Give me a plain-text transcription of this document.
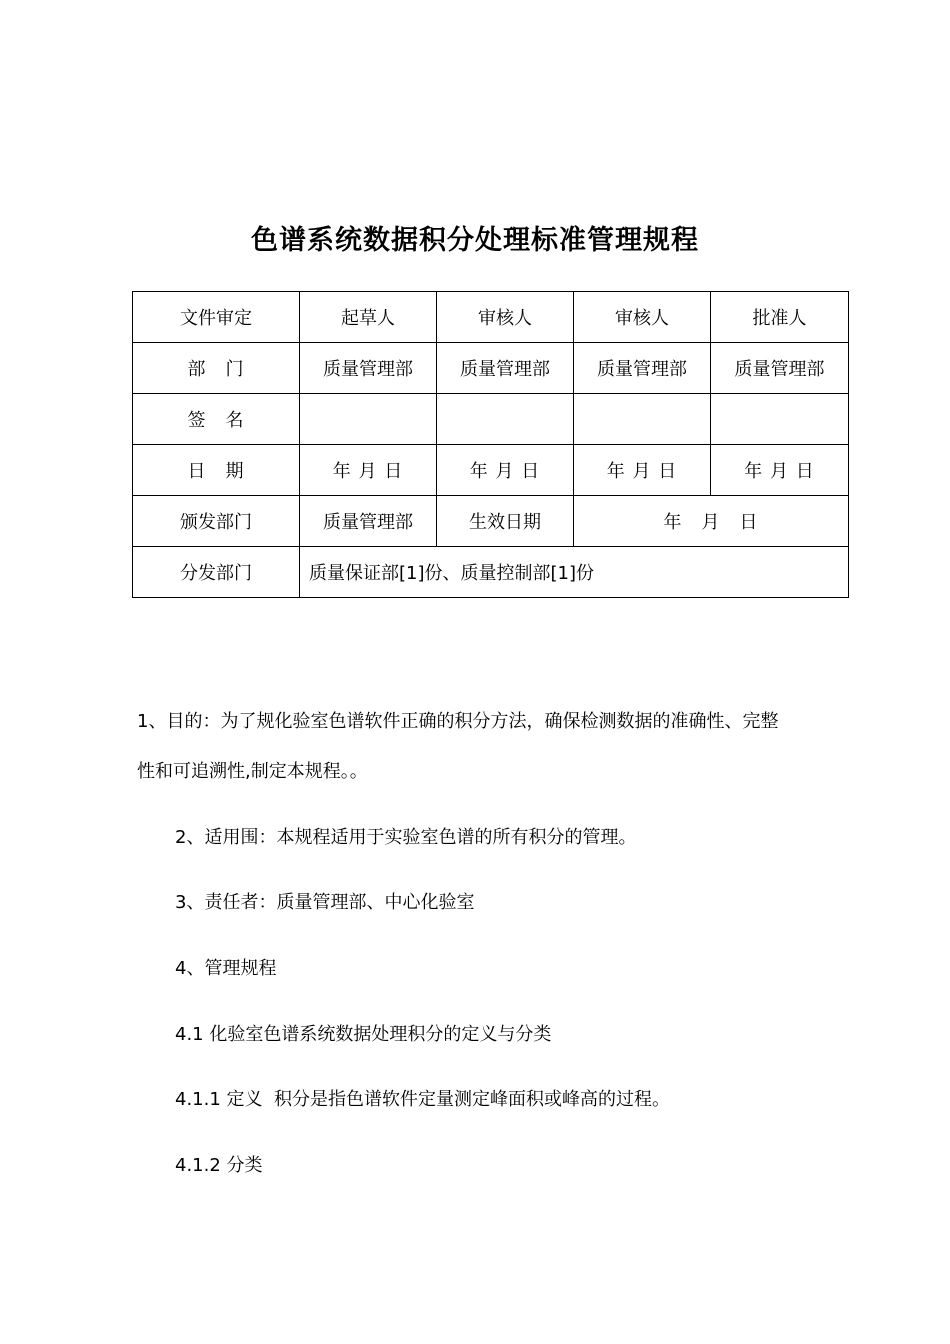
色谱系统数据积分处理标准管理规程
文件审定	起草人	审核人	审核人	批准人
部　门	质量管理部	质量管理部	质量管理部	质量管理部
签　名				
日　期	年 月 日	年 月 日	年 月 日	年 月 日
颁发部门	质量管理部	生效日期	年　月　日	
分发部门	质量保证部[1]份、质量控制部[1]份			

1、目的：为了规化验室色谱软件正确的积分方法，确保检测数据的准确性、完整

性和可追溯性,制定本规程。。

2、适用围：本规程适用于实验室色谱的所有积分的管理。

3、责任者：质量管理部、中心化验室

4、管理规程

4.1 化验室色谱系统数据处理积分的定义与分类

4.1.1 定义  积分是指色谱软件定量测定峰面积或峰高的过程。

4.1.2 分类
